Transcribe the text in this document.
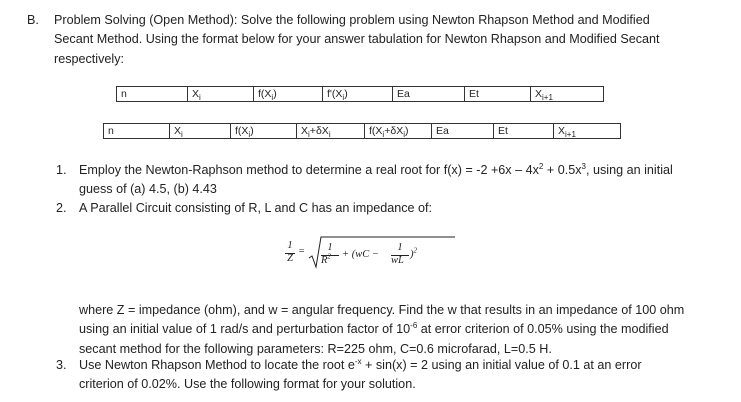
B. Problem Solving (Open Method): Solve the following problem using Newton Rhapson Method and Modified
Secant Method. Using the format below for your answer tabulation for Newton Rhapson and Modified Secant
respectively:
n	$X_i$	$f(X_i)$	$f'(X_i)$	Ea	Et	$X_{i+1}$
n	$X_i$	$f(X_i)$	$X_i+\delta X_i$	$f(X_i+\delta X_i)$	Ea	Et	$X_{i+1}$
1. Employ the Newton-Raphson method to determine a real root for $f(x) = -2 +6x - 4x^2 + 0.5x^3$, using an initial
guess of (a) 4.5, (b) 4.43
2. A Parallel Circuit consisting of R, L and C has an impedance of:
1
Z
=	1
$R^2 + (wC$ −
1
wL
)$^2$
where Z = impedance (ohm), and w = angular frequency. Find the w that results in an impedance of 100 ohm
using an initial value of 1 rad/s and perturbation factor of $10^{-6}$ at error criterion of 0.05% using the modified
secant method for the following parameters: R=225 ohm, C=0.6 microfarad, L=0.5 H.
3. Use Newton Rhapson Method to locate the root $e^{-x} + \sin(x) = 2$ using an initial value of 0.1 at an error
criterion of 0.02%. Use the following format for your solution.
